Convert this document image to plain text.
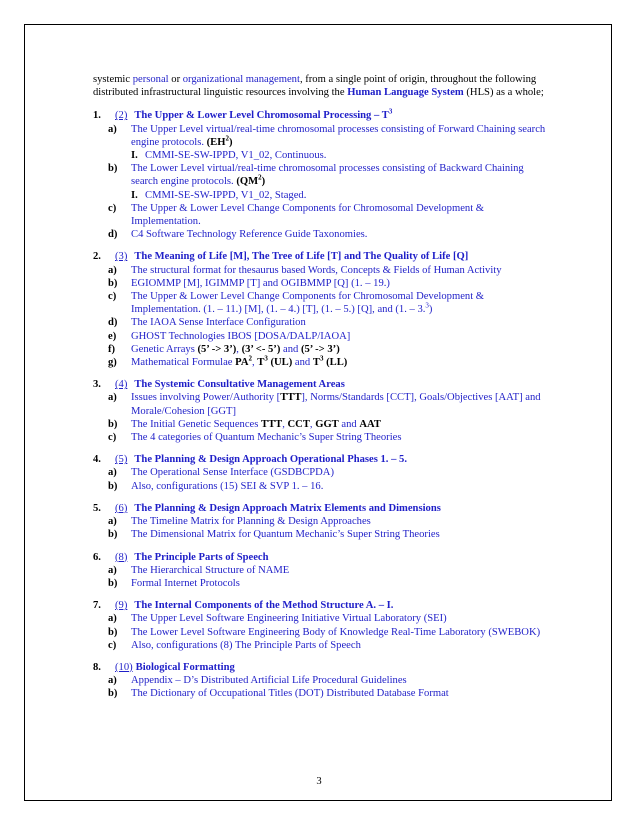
systemic personal or organizational management, from a single point of origin, throughout the following distributed infrastructural linguistic resources involving the Human Language System (HLS) as a whole;

1.	(2) The Upper & Lower Level Chromosomal Processing – $T^3$
a)	The Upper Level virtual/real-time chromosomal processes consisting of Forward Chaining search engine protocols. $(EH^2)$
I. CMMI-SE-SW-IPPD, V1_02, Continuous.
b)	The Lower Level virtual/real-time chromosomal processes consisting of Backward Chaining search engine protocols. $(QM^2)$
I. CMMI-SE-SW-IPPD, V1_02, Staged.
c)	The Upper & Lower Level Change Components for Chromosomal Development & Implementation.
d)	C4 Software Technology Reference Guide Taxonomies.
2.	(3) The Meaning of Life [M], The Tree of Life [T] and The Quality of Life [Q]
a)	The structural format for thesaurus based Words, Concepts & Fields of Human Activity
b)	EGIOMMP [M], IGIMMP [T] and OGIBMMP [Q] (1. – 19.)
c)	The Upper & Lower Level Change Components for Chromosomal Development & Implementation. (1. – 11.) [M], (1. – 4.) [T], (1. – 5.) [Q], and (1. – 3.$^3$)
d)	The IAOA Sense Interface Configuration
e)	GHOST Technologies IBOS [DOSA/DALP/IAOA]
f)	Genetic Arrays (5’ -> 3’), (3’ <- 5’) and (5’ -> 3’)
g)	Mathematical Formulae $PA^2$, $T^3$ (UL) and $T^3$ (LL)
3.	(4) The Systemic Consultative Management Areas
a)	Issues involving Power/Authority [TTT], Norms/Standards [CCT], Goals/Objectives [AAT] and Morale/Cohesion [GGT]
b)	The Initial Genetic Sequences TTT, CCT, GGT and AAT
c)	The 4 categories of Quantum Mechanic’s Super String Theories
4.	(5) The Planning & Design Approach Operational Phases 1. – 5.
a)	The Operational Sense Interface (GSDBCPDA)
b)	Also, configurations (15) SEI & SVP 1. – 16.
5.	(6) The Planning & Design Approach Matrix Elements and Dimensions
a)	The Timeline Matrix for Planning & Design Approaches
b)	The Dimensional Matrix for Quantum Mechanic’s Super String Theories
6.	(8) The Principle Parts of Speech
a)	The Hierarchical Structure of NAME
b)	Formal Internet Protocols
7.	(9) The Internal Components of the Method Structure A. – I.
a)	The Upper Level Software Engineering Initiative Virtual Laboratory (SEI)
b)	The Lower Level Software Engineering Body of Knowledge Real-Time Laboratory (SWEBOK)
c)	Also, configurations (8) The Principle Parts of Speech
8.	(10) Biological Formatting
a)	Appendix – D’s Distributed Artificial Life Procedural Guidelines
b)	The Dictionary of Occupational Titles (DOT) Distributed Database Format
3
